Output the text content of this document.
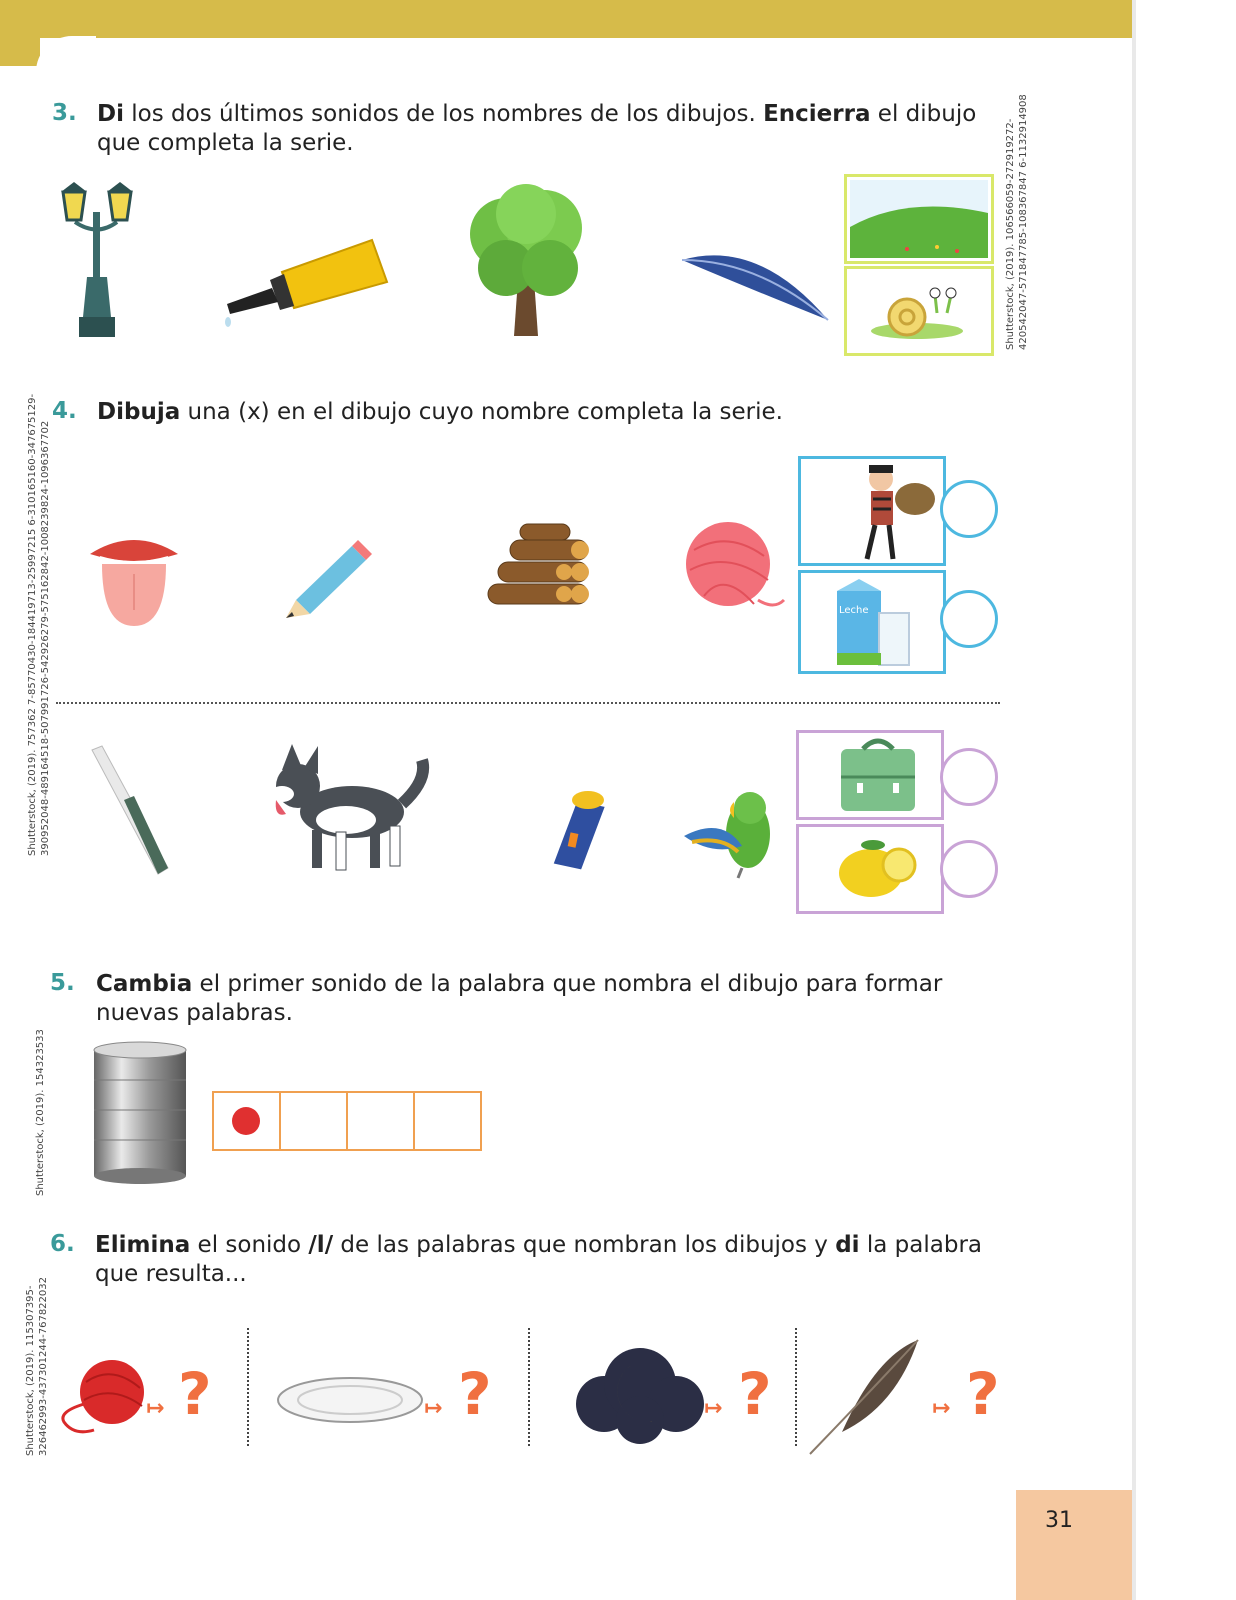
3. Di los dos últimos sonidos de los nombres de los dibujos. Encierra el dibujo
que completa la serie.	Shutterstock, (2019). 106566059-272919272- 420542047-571847785-108367847 6-1132914908
4. Dibuja una (x) en el dibujo cuyo nombre completa la serie.
Shutterstock, (2019). 757362 7-85770430-184419713-25997215 6-310165160-347675129- 390952048-489164518-507991726-542926279-575162842-1008239824-1096367702	Leche
5. Cambia el primer sonido de la palabra que nombra el dibujo para formar
nuevas palabras.
Shutterstock, (2019). 154323533
6. Elimina el sonido /l/ de las palabras que nombran los dibujos y di la palabra
que resulta...
Shutterstock, (2019). 115307395- 326462993-437301244-767822032	↦ ?	↦ ?	↦ ?	↦ ?
31
